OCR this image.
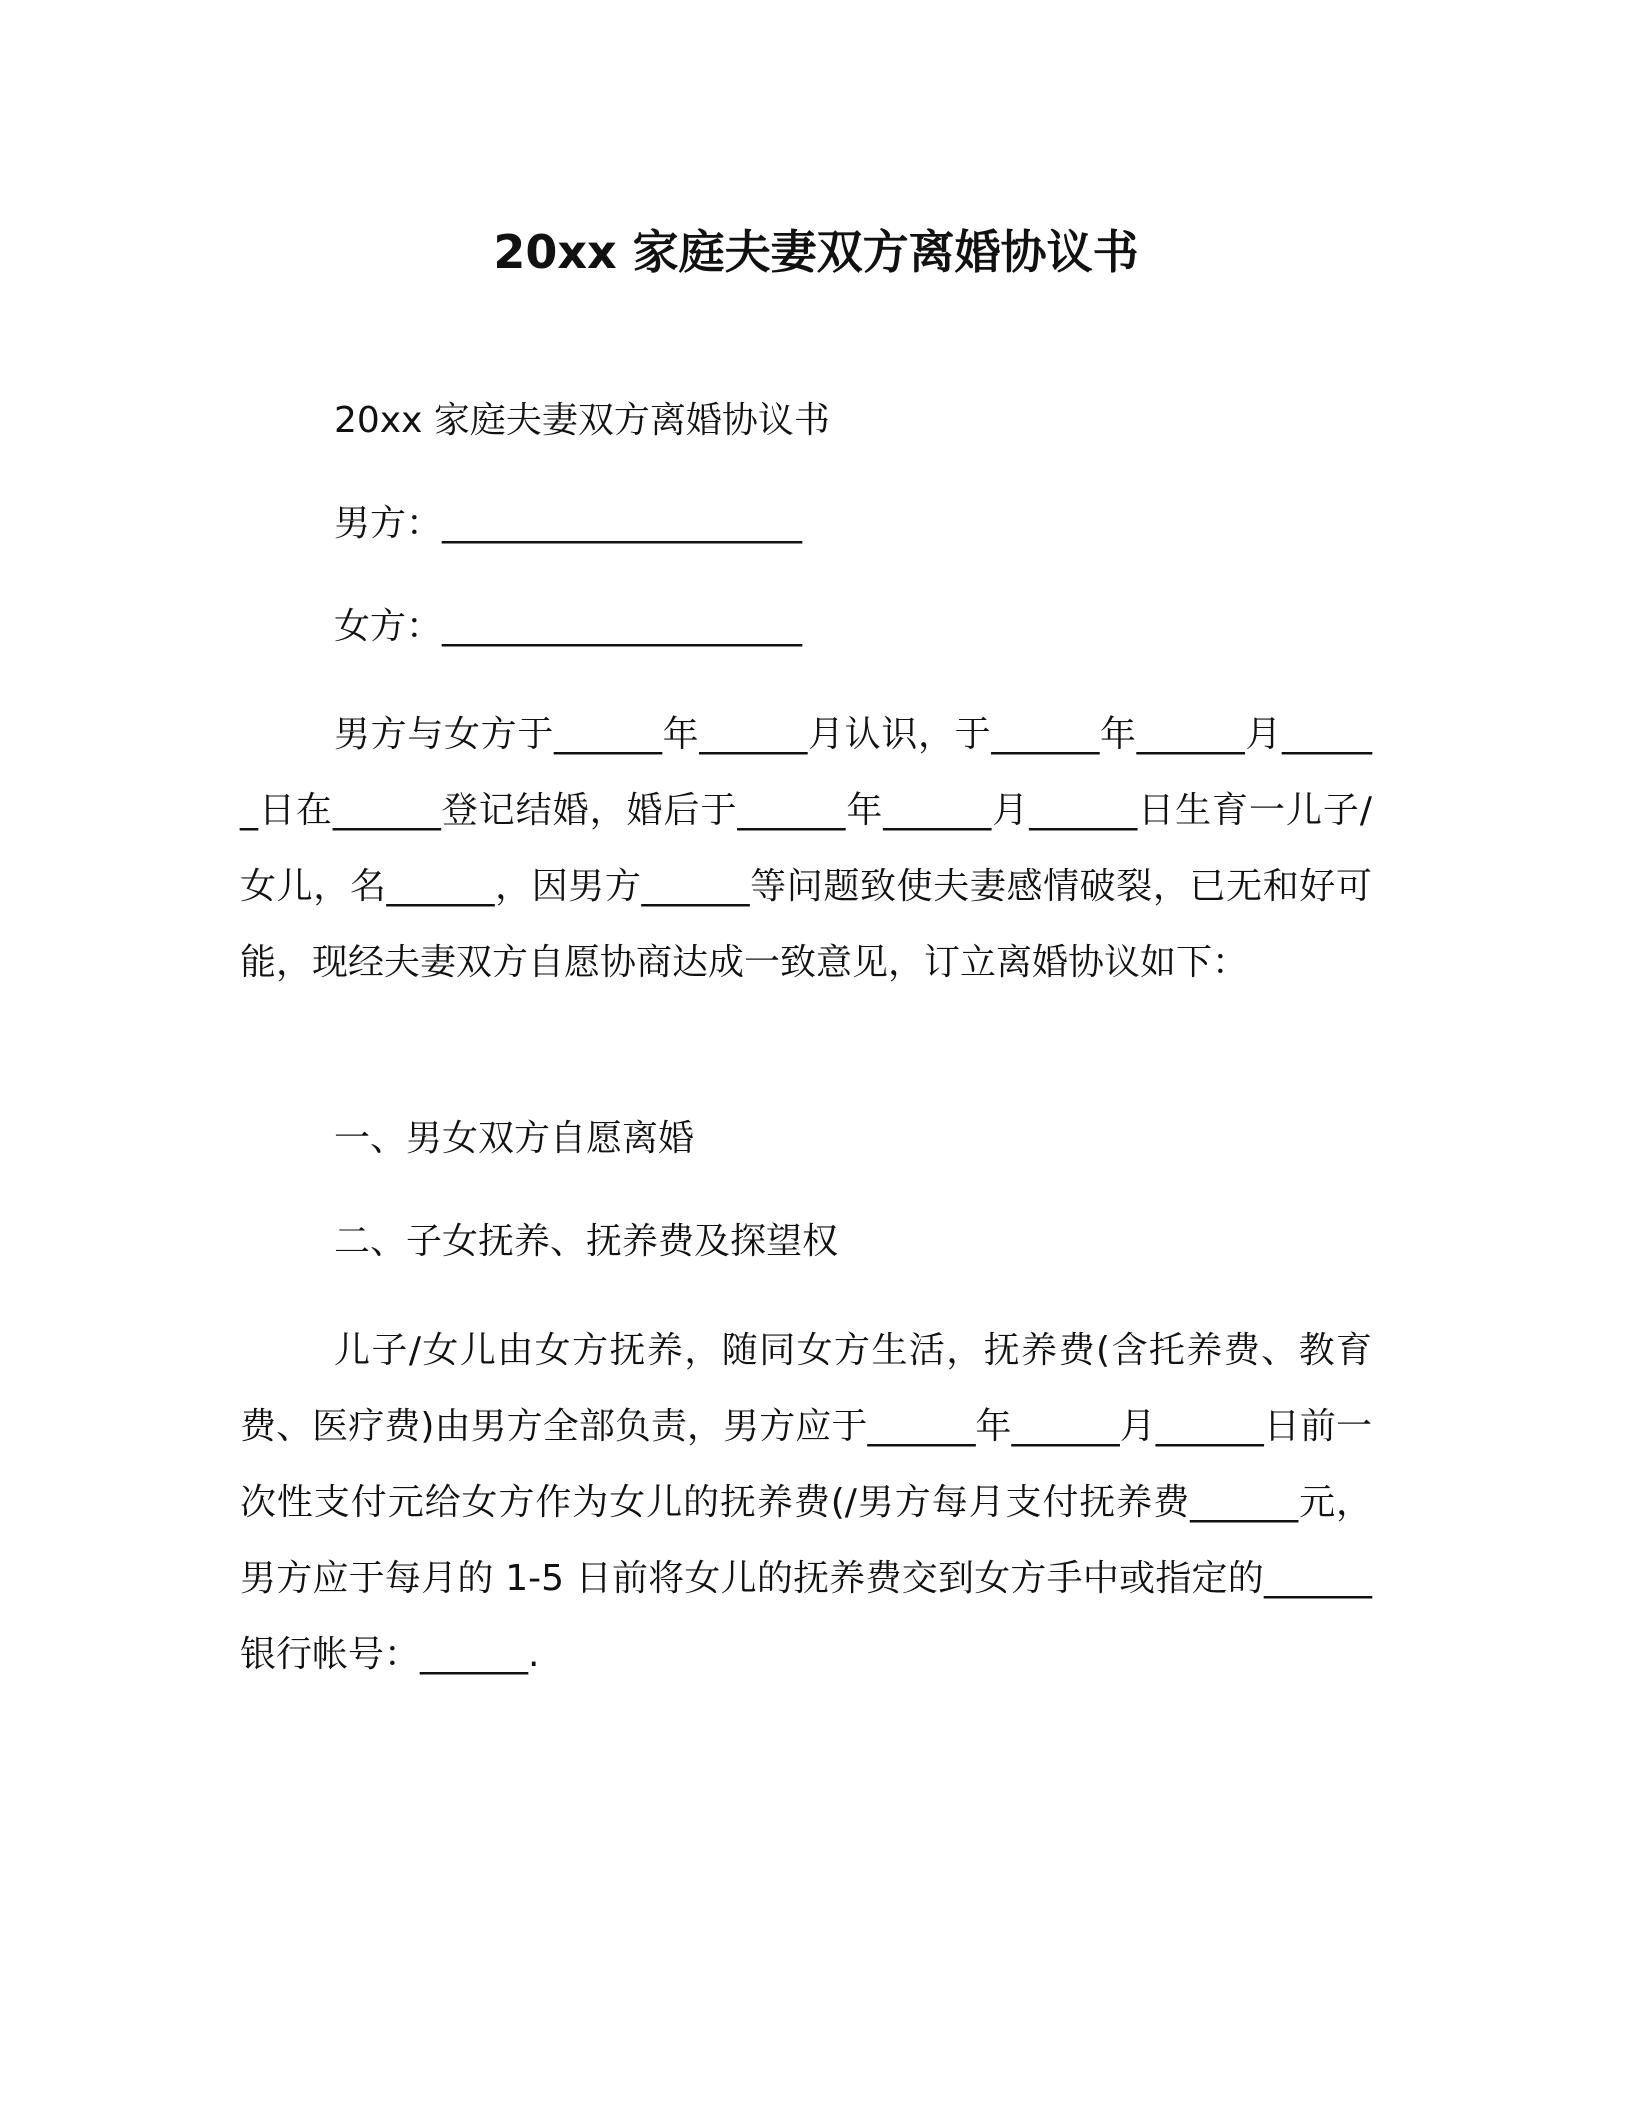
20xx 家庭夫妻双方离婚协议书
20xx 家庭夫妻双方离婚协议书
男方：____________________
女方：____________________
男方与女方于______年______月认识，于______年______月______日在______登记结婚，婚后于______年______月______日生育一儿子/女儿，名______，因男方______等问题致使夫妻感情破裂，已无和好可能，现经夫妻双方自愿协商达成一致意见，订立离婚协议如下：
一、男女双方自愿离婚
二、子女抚养、抚养费及探望权
儿子/女儿由女方抚养，随同女方生活，抚养费(含托养费、教育费、医疗费)由男方全部负责，男方应于______年______月______日前一次性支付元给女方作为女儿的抚养费(/男方每月支付抚养费______元，男方应于每月的 1-5 日前将女儿的抚养费交到女方手中或指定的______银行帐号：______.
